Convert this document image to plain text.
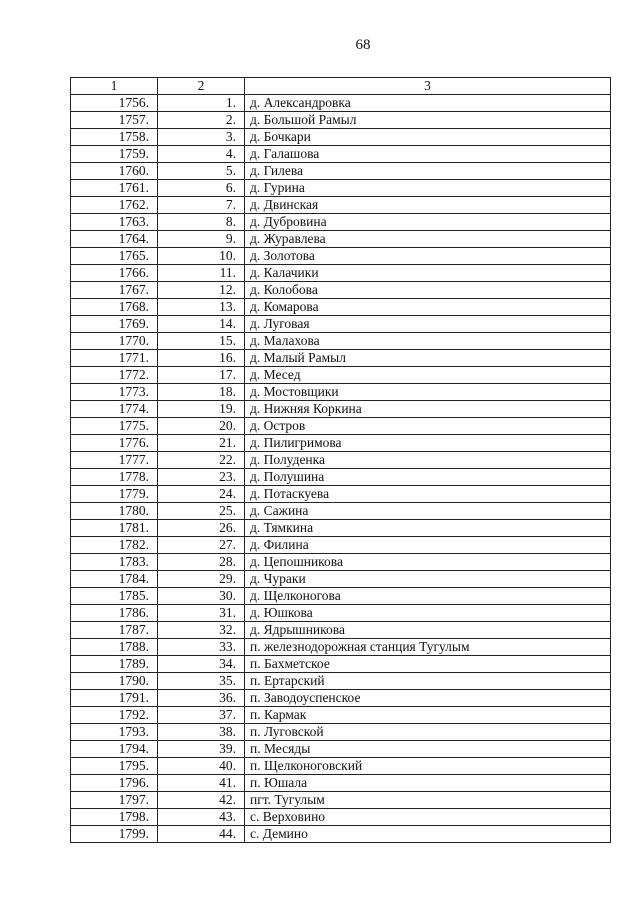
68
1	2	3
1756.	1.	д. Александровка
1757.	2.	д. Большой Рамыл
1758.	3.	д. Бочкари
1759.	4.	д. Галашова
1760.	5.	д. Гилева
1761.	6.	д. Гурина
1762.	7.	д. Двинская
1763.	8.	д. Дубровина
1764.	9.	д. Журавлева
1765.	10.	д. Золотова
1766.	11.	д. Калачики
1767.	12.	д. Колобова
1768.	13.	д. Комарова
1769.	14.	д. Луговая
1770.	15.	д. Малахова
1771.	16.	д. Малый Рамыл
1772.	17.	д. Месед
1773.	18.	д. Мостовщики
1774.	19.	д. Нижняя Коркина
1775.	20.	д. Остров
1776.	21.	д. Пилигримова
1777.	22.	д. Полуденка
1778.	23.	д. Полушина
1779.	24.	д. Потаскуева
1780.	25.	д. Сажина
1781.	26.	д. Тямкина
1782.	27.	д. Филина
1783.	28.	д. Цепошникова
1784.	29.	д. Чураки
1785.	30.	д. Щелконогова
1786.	31.	д. Юшкова
1787.	32.	д. Ядрышникова
1788.	33.	п. железнодорожная станция Тугулым
1789.	34.	п. Бахметское
1790.	35.	п. Ертарский
1791.	36.	п. Заводоуспенское
1792.	37.	п. Кармак
1793.	38.	п. Луговской
1794.	39.	п. Месяды
1795.	40.	п. Щелконоговский
1796.	41.	п. Юшала
1797.	42.	пгт. Тугулым
1798.	43.	с. Верховино
1799.	44.	с. Демино
